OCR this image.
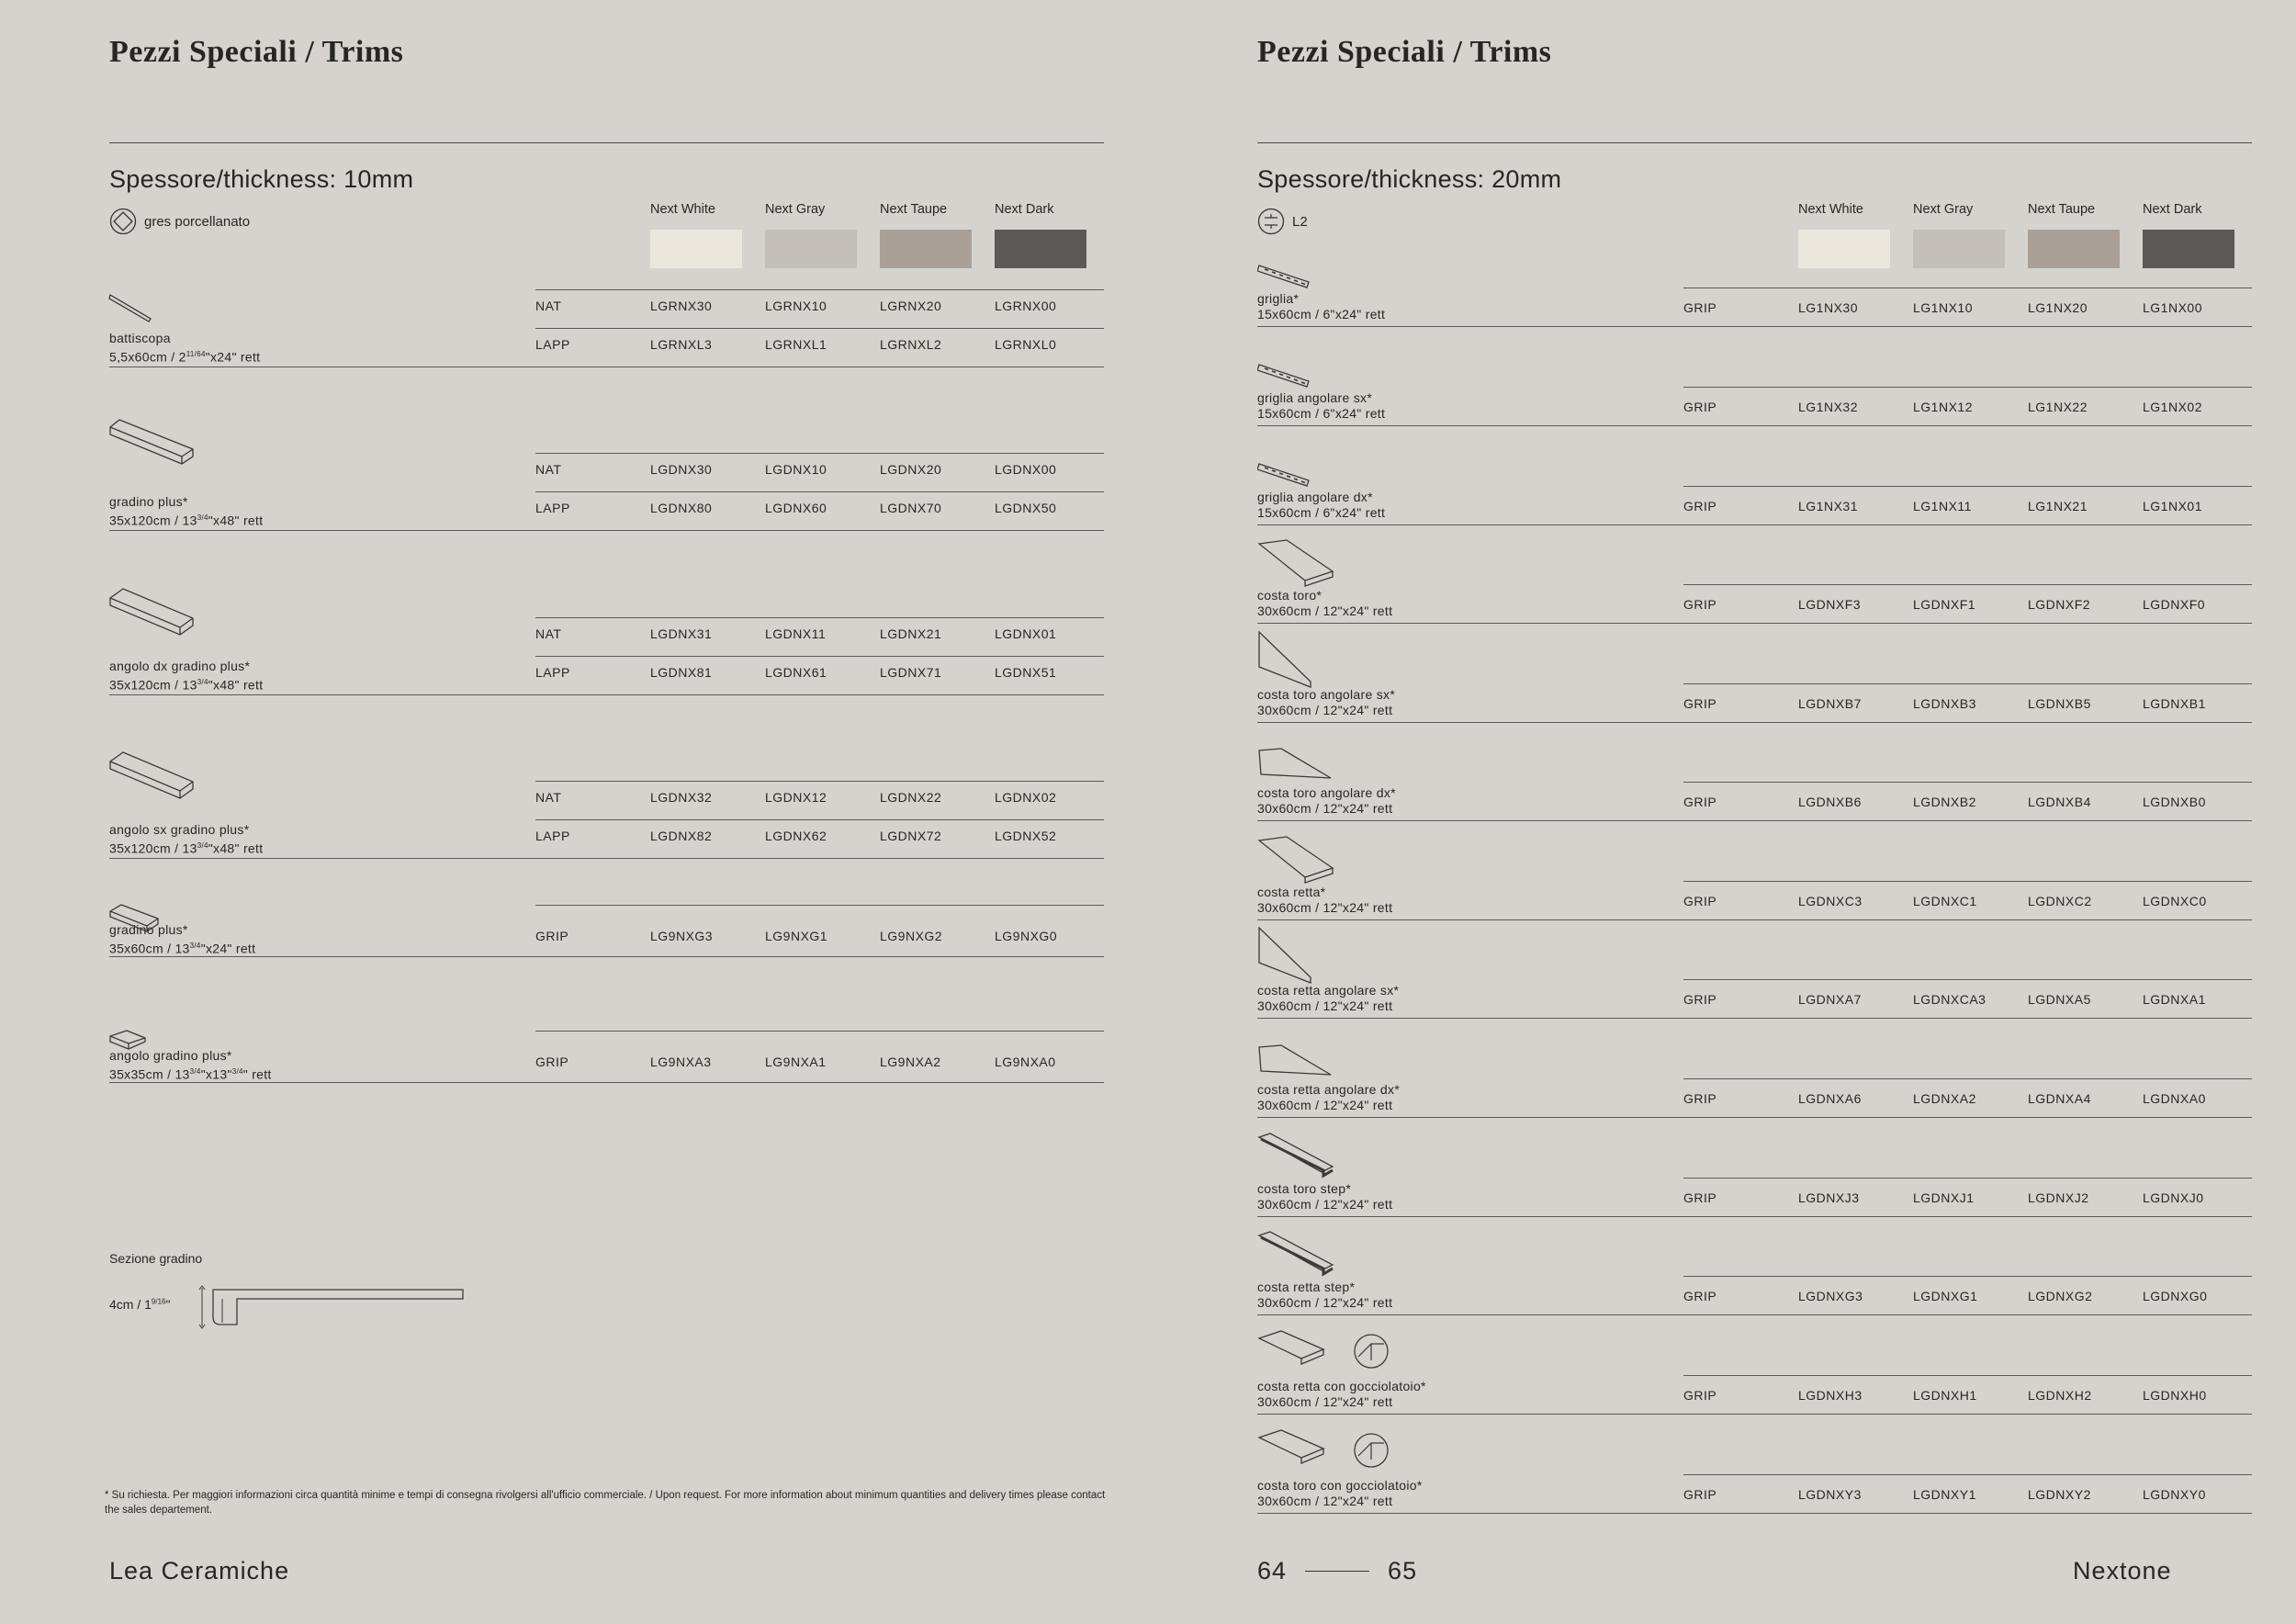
Pezzi Speciali / Trims
Spessore/thickness: 10mm
gres porcellanato
Next White	Next Gray	Next Taupe	Next Dark
NAT	LGRNX30	LGRNX10	LGRNX20	LGRNX00
LAPP	LGRNXL3	LGRNXL1	LGRNXL2	LGRNXL0
battiscopa
$5,5x60cm / 2^{11/64}"x24$" rett
NAT	LGDNX30	LGDNX10	LGDNX20	LGDNX00
LAPP	LGDNX80	LGDNX60	LGDNX70	LGDNX50
gradino plus*
$35x120cm / 13^{3/4}"x48$" rett
NAT	LGDNX31	LGDNX11	LGDNX21	LGDNX01
LAPP	LGDNX81	LGDNX61	LGDNX71	LGDNX51
angolo dx gradino plus*
$35x120cm / 13^{3/4}"x48$" rett
NAT	LGDNX32	LGDNX12	LGDNX22	LGDNX02
LAPP	LGDNX82	LGDNX62	LGDNX72	LGDNX52
angolo sx gradino plus*
$35x120cm / 13^{3/4}"x48$" rett
GRIP	LG9NXG3	LG9NXG1	LG9NXG2	LG9NXG0
gradino plus*
$35x60cm / 13^{3/4}"x24$" rett
GRIP	LG9NXA3	LG9NXA1	LG9NXA2	LG9NXA0
angolo gradino plus*
$35x35cm / 13^{3/4}"x13"^{3/4}$" rett
Sezione gradino
$4cm / 1^{9/16}$"
* Su richiesta. Per maggiori informazioni circa quantità minime e tempi di consegna rivolgersi all'ufficio commerciale. / Upon request. For more information about minimum quantities and delivery times please contact the sales departement.
Lea Ceramiche
Pezzi Speciali / Trims
Spessore/thickness: 20mm
L2
Next White	Next Gray	Next Taupe	Next Dark
GRIP	LG1NX30	LG1NX10	LG1NX20	LG1NX00
griglia*
15x60cm / 6"x24" rett
GRIP	LG1NX32	LG1NX12	LG1NX22	LG1NX02
griglia angolare sx*
15x60cm / 6"x24" rett
GRIP	LG1NX31	LG1NX11	LG1NX21	LG1NX01
griglia angolare dx*
15x60cm / 6"x24" rett
GRIP	LGDNXF3	LGDNXF1	LGDNXF2	LGDNXF0
costa toro*
30x60cm / 12"x24" rett
GRIP	LGDNXB7	LGDNXB3	LGDNXB5	LGDNXB1
costa toro angolare sx*
30x60cm / 12"x24" rett
GRIP	LGDNXB6	LGDNXB2	LGDNXB4	LGDNXB0
costa toro angolare dx*
30x60cm / 12"x24" rett
GRIP	LGDNXC3	LGDNXC1	LGDNXC2	LGDNXC0
costa retta*
30x60cm / 12"x24" rett
GRIP	LGDNXA7	LGDNXCA3	LGDNXA5	LGDNXA1
costa retta angolare sx*
30x60cm / 12"x24" rett
GRIP	LGDNXA6	LGDNXA2	LGDNXA4	LGDNXA0
costa retta angolare dx*
30x60cm / 12"x24" rett
GRIP	LGDNXJ3	LGDNXJ1	LGDNXJ2	LGDNXJ0
costa toro step*
30x60cm / 12"x24" rett
GRIP	LGDNXG3	LGDNXG1	LGDNXG2	LGDNXG0
costa retta step*
30x60cm / 12"x24" rett
GRIP	LGDNXH3	LGDNXH1	LGDNXH2	LGDNXH0
costa retta con gocciolatoio*
30x60cm / 12"x24" rett
GRIP	LGDNXY3	LGDNXY1	LGDNXY2	LGDNXY0
costa toro con gocciolatoio*
30x60cm / 12"x24" rett
64	65	Nextone
